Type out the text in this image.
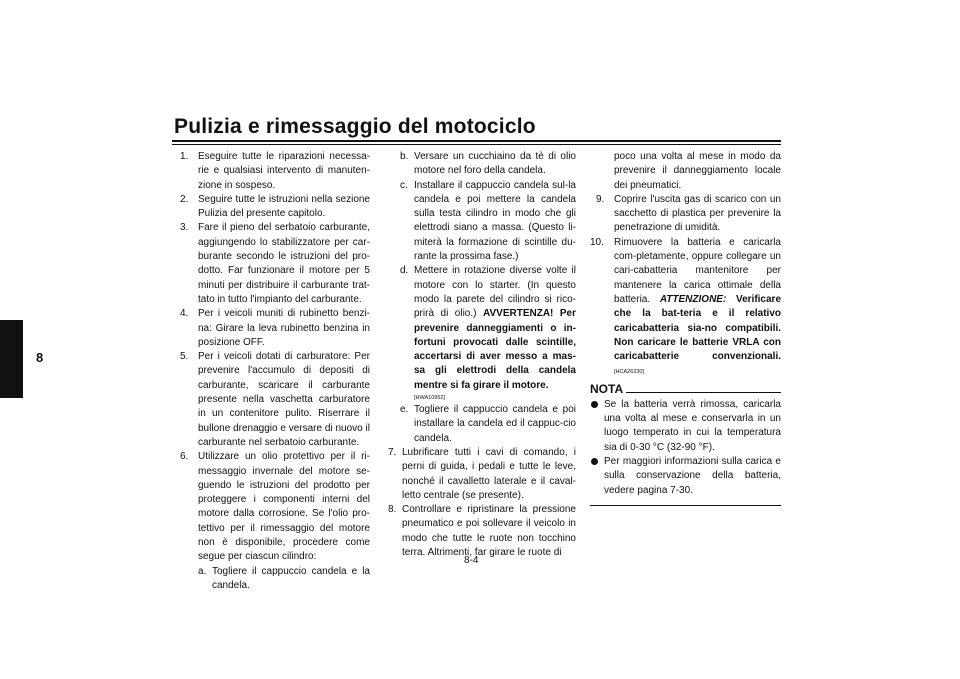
Pulizia e rimessaggio del motociclo
8
1. Eseguire tutte le riparazioni necessa-rie e qualsiasi intervento di manuten-zione in sospeso.
2. Seguire tutte le istruzioni nella sezione Pulizia del presente capitolo.
3. Fare il pieno del serbatoio carburante, aggiungendo lo stabilizzatore per car-burante secondo le istruzioni del pro-dotto. Far funzionare il motore per 5 minuti per distribuire il carburante trat-tato in tutto l'impianto del carburante.
4. Per i veicoli muniti di rubinetto benzi-na: Girare la leva rubinetto benzina in posizione OFF.
5. Per i veicoli dotati di carburatore: Per prevenire l'accumulo di depositi di carburante, scaricare il carburante presente nella vaschetta carburatore in un contenitore pulito. Riserrare il bullone drenaggio e versare di nuovo il carburante nel serbatoio carburante.
6. Utilizzare un olio protettivo per il ri-messaggio invernale del motore se-guendo le istruzioni del prodotto per proteggere i componenti interni del motore dalla corrosione. Se l'olio pro-tettivo per il rimessaggio del motore non è disponibile, procedere come segue per ciascun cilindro:
a. Togliere il cappuccio candela e la candela.
b. Versare un cucchiaino da tè di olio motore nel foro della candela.
c. Installare il cappuccio candela sul-la candela e poi mettere la candela sulla testa cilindro in modo che gli elettrodi siano a massa. (Questo li-miterà la formazione di scintille du-rante la prossima fase.)
d. Mettere in rotazione diverse volte il motore con lo starter. (In questo modo la parete del cilindro si rico-prirà di olio.) AVVERTENZA! Per prevenire danneggiamenti o in-fortuni provocati dalle scintille, accertarsi di aver messo a mas-sa gli elettrodi della candela mentre si fa girare il motore.
[HWA10952]
e. Togliere il cappuccio candela e poi installare la candela ed il cappuc-cio candela.
7. Lubrificare tutti i cavi di comando, i perni di guida, i pedali e tutte le leve, nonché il cavalletto laterale e il caval-letto centrale (se presente).
8. Controllare e ripristinare la pressione pneumatico e poi sollevare il veicolo in modo che tutte le ruote non tocchino terra. Altrimenti, far girare le ruote di
poco una volta al mese in modo da prevenire il danneggiamento locale dei pneumatici.
9. Coprire l'uscita gas di scarico con un sacchetto di plastica per prevenire la penetrazione di umidità.
10. Rimuovere la batteria e caricarla com-pletamente, oppure collegare un cari-cabatteria mantenitore per mantenere la carica ottimale della batteria. ATTENZIONE: Verificare che la bat-teria e il relativo caricabatteria sia-no compatibili. Non caricare le batterie VRLA con caricabatterie convenzionali. [HCA26330]
NOTA
Se la batteria verrà rimossa, caricarla una volta al mese e conservarla in un luogo temperato in cui la temperatura sia di 0-30 °C (32-90 °F).
Per maggiori informazioni sulla carica e sulla conservazione della batteria, vedere pagina 7-30.
8-4
